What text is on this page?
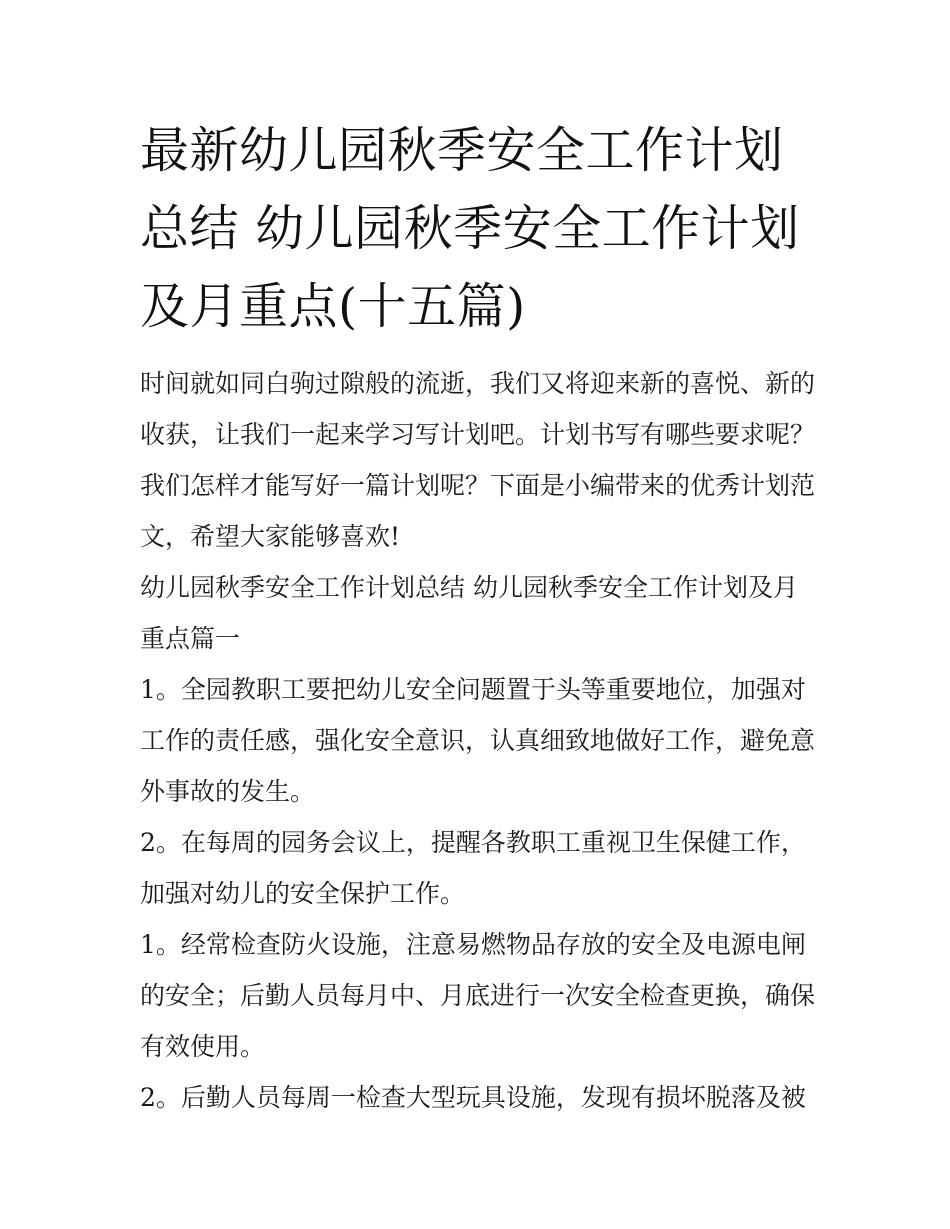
最新幼儿园秋季安全工作计划
总结 幼儿园秋季安全工作计划
及月重点(十五篇)

时间就如同白驹过隙般的流逝，我们又将迎来新的喜悦、新的
收获，让我们一起来学习写计划吧。计划书写有哪些要求呢？
我们怎样才能写好一篇计划呢？下面是小编带来的优秀计划范
文，希望大家能够喜欢!

幼儿园秋季安全工作计划总结 幼儿园秋季安全工作计划及月
重点篇一

1。全园教职工要把幼儿安全问题置于头等重要地位，加强对
工作的责任感，强化安全意识，认真细致地做好工作，避免意
外事故的发生。

2。在每周的园务会议上，提醒各教职工重视卫生保健工作，
加强对幼儿的安全保护工作。

1。经常检查防火设施，注意易燃物品存放的安全及电源电闸
的安全；后勤人员每月中、月底进行一次安全检查更换，确保
有效使用。

2。后勤人员每周一检查大型玩具设施，发现有损坏脱落及被
